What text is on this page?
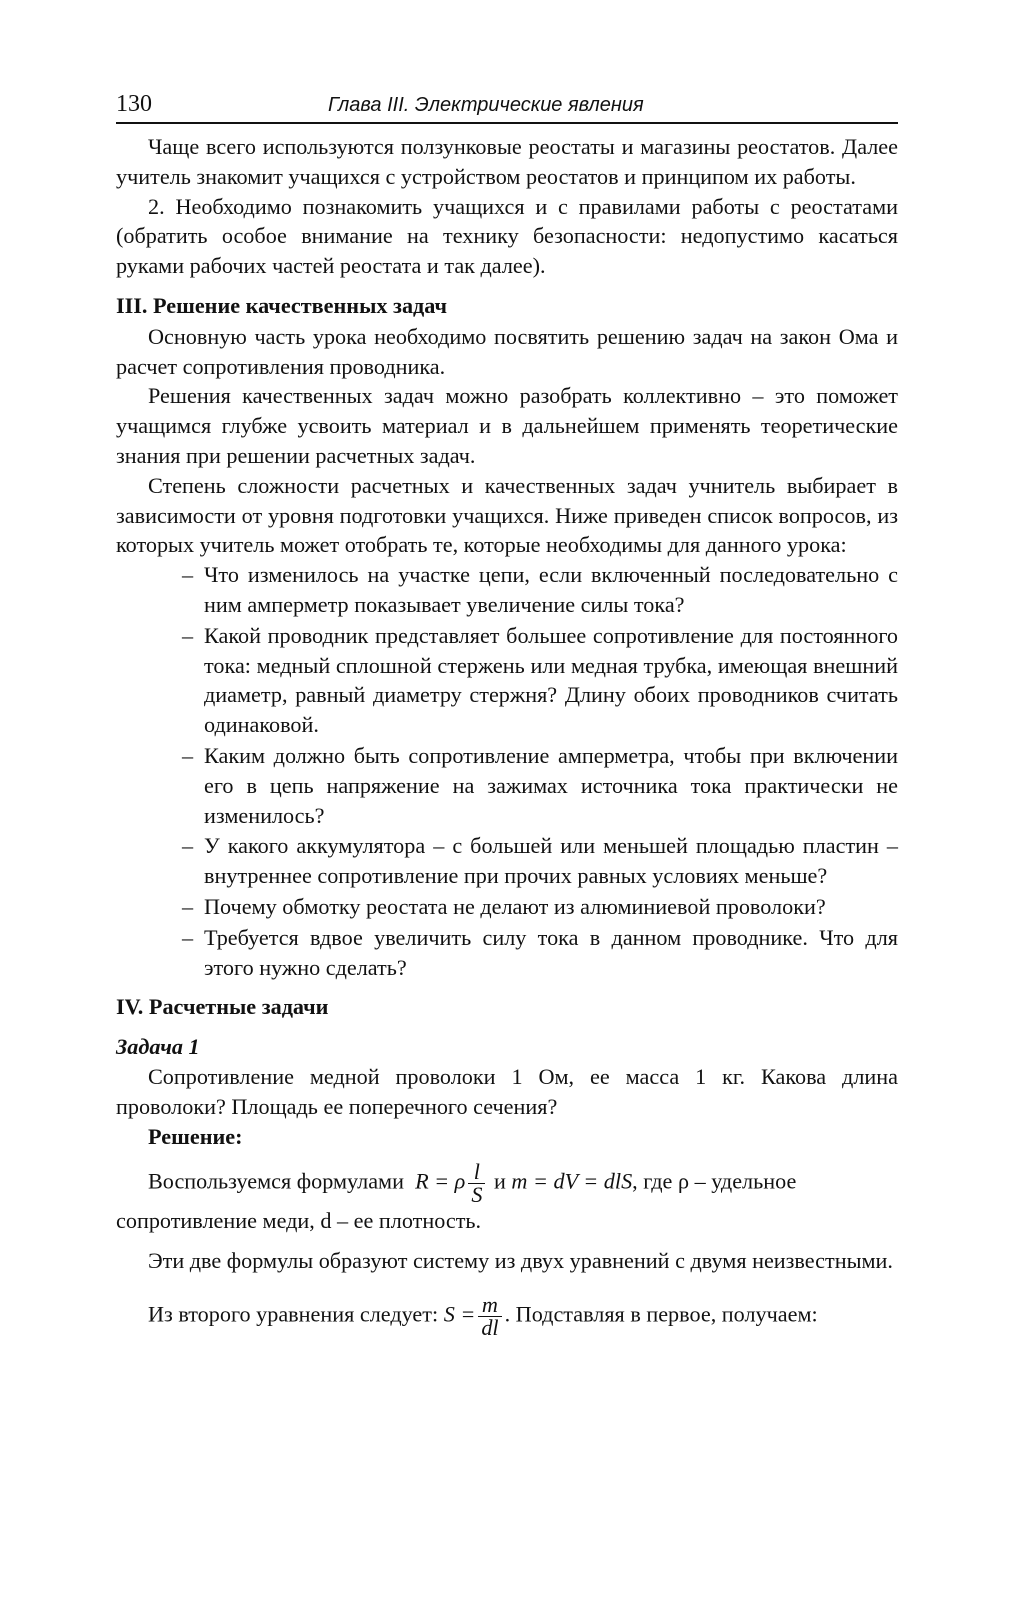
130	Глава III. Электрические явления

Чаще всего используются ползунковые реостаты и магазины реостатов. Далее учитель знакомит учащихся с устройством реостатов и принципом их работы.

2. Необходимо познакомить учащихся и с правилами работы с реостатами (обратить особое внимание на технику безопасности: недопустимо касаться руками рабочих частей реостата и так далее).

III. Решение качественных задач

Основную часть урока необходимо посвятить решению задач на закон Ома и расчет сопротивления проводника.

Решения качественных задач можно разобрать коллективно – это поможет учащимся глубже усвоить материал и в дальнейшем применять теоретические знания при решении расчетных задач.

Степень сложности расчетных и качественных задач учнитель выбирает в зависимости от уровня подготовки учащихся. Ниже приведен список вопросов, из которых учитель может отобрать те, которые необходимы для данного урока:

– Что изменилось на участке цепи, если включенный последовательно с ним амперметр показывает увеличение силы тока?
– Какой проводник представляет большее сопротивление для постоянного тока: медный сплошной стержень или медная трубка, имеющая внешний диаметр, равный диаметру стержня? Длину обоих проводников считать одинаковой.
– Каким должно быть сопротивление амперметра, чтобы при включении его в цепь напряжение на зажимах источника тока практически не изменилось?
– У какого аккумулятора – с большей или меньшей площадью пластин – внутреннее сопротивление при прочих равных условиях меньше?
– Почему обмотку реостата не делают из алюминиевой проволоки?
– Требуется вдвое увеличить силу тока в данном проводнике. Что для этого нужно сделать?

IV. Расчетные задачи

Задача 1

Сопротивление медной проволоки 1 Ом, ее масса 1 кг. Какова длина проволоки? Площадь ее поперечного сечения?

Решение:

Воспользуемся формулами R = ρ $\frac{l}{S}$ и m = dV = dlS, где ρ – удельное

сопротивление меди, d – ее плотность.

Эти две формулы образуют систему из двух уравнений с двумя неизвестными.

Из второго уравнения следует: $S = \frac{m}{dl}$ . Подставляя в первое, получаем:
